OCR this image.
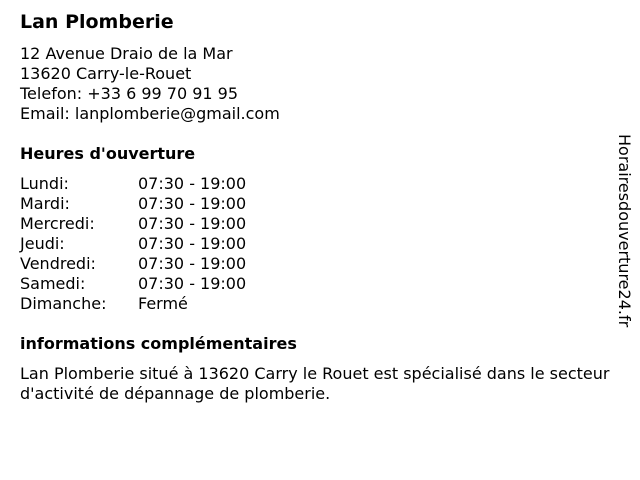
Lan Plomberie
12 Avenue Draio de la Mar
13620 Carry-le-Rouet
Telefon: +33 6 99 70 91 95
Email: lanplomberie@gmail.com
Heures d'ouverture
Lundi:	07:30 - 19:00
Mardi:	07:30 - 19:00
Mercredi:	07:30 - 19:00
Jeudi:	07:30 - 19:00
Vendredi:	07:30 - 19:00
Samedi:	07:30 - 19:00
Dimanche:	Fermé
informations complémentaires
Lan Plomberie situé à 13620 Carry le Rouet est spécialisé dans le secteur d'activité de dépannage de plomberie.
Horairesdouverture24.fr
